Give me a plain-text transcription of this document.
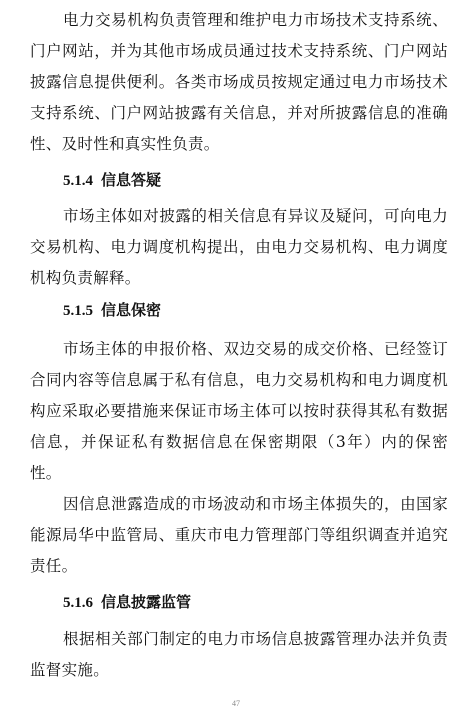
电力交易机构负责管理和维护电力市场技术支持系统、门户网站，并为其他市场成员通过技术支持系统、门户网站披露信息提供便利。各类市场成员按规定通过电力市场技术支持系统、门户网站披露有关信息，并对所披露信息的准确性、及时性和真实性负责。

5.1.4 信息答疑

市场主体如对披露的相关信息有异议及疑问，可向电力交易机构、电力调度机构提出，由电力交易机构、电力调度机构负责解释。

5.1.5 信息保密

市场主体的申报价格、双边交易的成交价格、已经签订合同内容等信息属于私有信息，电力交易机构和电力调度机构应采取必要措施来保证市场主体可以按时获得其私有数据信息，并保证私有数据信息在保密期限（3年）内的保密性。

因信息泄露造成的市场波动和市场主体损失的，由国家能源局华中监管局、重庆市电力管理部门等组织调查并追究责任。

5.1.6 信息披露监管

根据相关部门制定的电力市场信息披露管理办法并负责监督实施。

47
